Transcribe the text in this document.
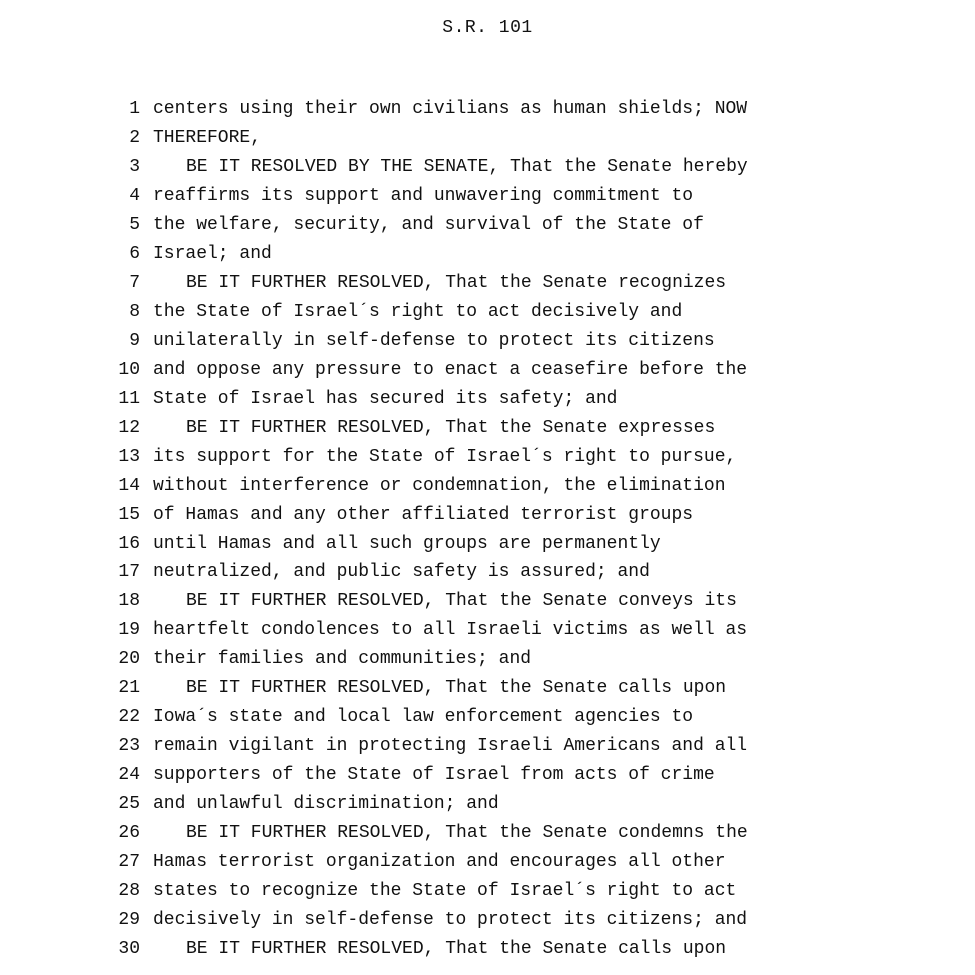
S.R. 101
1 centers using their own civilians as human shields; NOW
2 THEREFORE,
3	BE IT RESOLVED BY THE SENATE, That the Senate hereby
4 reaffirms its support and unwavering commitment to
5 the welfare, security, and survival of the State of
6 Israel; and
7	BE IT FURTHER RESOLVED, That the Senate recognizes
8 the State of Israel´s right to act decisively and
9 unilaterally in self-defense to protect its citizens
10 and oppose any pressure to enact a ceasefire before the
11 State of Israel has secured its safety; and
12	BE IT FURTHER RESOLVED, That the Senate expresses
13 its support for the State of Israel´s right to pursue,
14 without interference or condemnation, the elimination
15 of Hamas and any other affiliated terrorist groups
16 until Hamas and all such groups are permanently
17 neutralized, and public safety is assured; and
18	BE IT FURTHER RESOLVED, That the Senate conveys its
19 heartfelt condolences to all Israeli victims as well as
20 their families and communities; and
21	BE IT FURTHER RESOLVED, That the Senate calls upon
22 Iowa´s state and local law enforcement agencies to
23 remain vigilant in protecting Israeli Americans and all
24 supporters of the State of Israel from acts of crime
25 and unlawful discrimination; and
26	BE IT FURTHER RESOLVED, That the Senate condemns the
27 Hamas terrorist organization and encourages all other
28 states to recognize the State of Israel´s right to act
29 decisively in self-defense to protect its citizens; and
30	BE IT FURTHER RESOLVED, That the Senate calls upon
